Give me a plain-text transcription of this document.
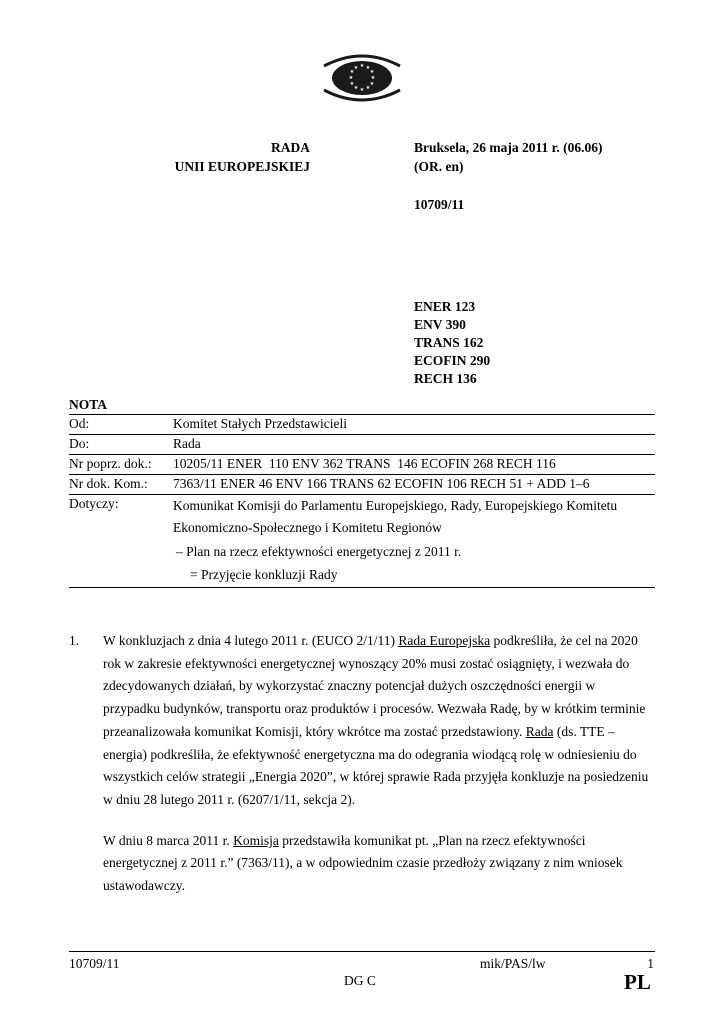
★ ★
★
★
★
★
★
★
★
★
★
★
RADA
UNII EUROPEJSKIEJ
Bruksela, 26 maja 2011 r. (06.06)
(OR. en)
10709/11
ENER 123
ENV 390
TRANS 162
ECOFIN 290
RECH 136
NOTA
Od:	Komitet Stałych Przedstawicieli
Do:	Rada
Nr poprz. dok.:	10205/11 ENER  110 ENV 362 TRANS  146 ECOFIN 268 RECH 116
Nr dok. Kom.:	7363/11 ENER 46 ENV 166 TRANS 62 ECOFIN 106 RECH 51 + ADD 1–6
Dotyczy:	Komunikat Komisji do Parlamentu Europejskiego, Rady, Europejskiego Komitetu Ekonomiczno-Społecznego i Komitetu Regionów
– Plan na rzecz efektywności energetycznej z 2011 r.
= Przyjęcie konkluzji Rady
1. W konkluzjach z dnia 4 lutego 2011 r. (EUCO 2/1/11) Rada Europejska podkreśliła, że cel na 2020 rok w zakresie efektywności energetycznej wynoszący 20% musi zostać osiągnięty, i wezwała do zdecydowanych działań, by wykorzystać znaczny potencjał dużych oszczędności energii w przypadku budynków, transportu oraz produktów i procesów. Wezwała Radę, by w krótkim terminie przeanalizowała komunikat Komisji, który wkrótce ma zostać przedstawiony. Rada (ds. TTE – energia) podkreśliła, że efektywność energetyczna ma do odegrania wiodącą rolę w odniesieniu do wszystkich celów strategii „Energia 2020”, w której sprawie Rada przyjęła konkluzje na posiedzeniu w dniu 28 lutego 2011 r. (6207/1/11, sekcja 2).
W dniu 8 marca 2011 r. Komisja przedstawiła komunikat pt. „Plan na rzecz efektywności energetycznej z 2011 r.” (7363/11), a w odpowiednim czasie przedłoży związany z nim wniosek ustawodawczy.
10709/11	mik/PAS/lw	1
DG C	PL
